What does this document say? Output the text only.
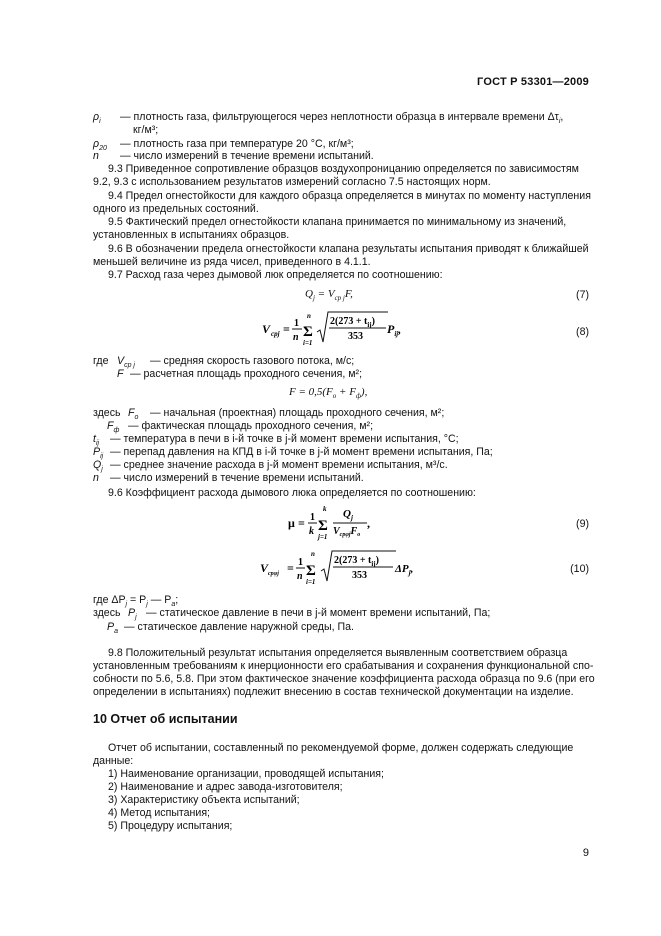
ГОСТ Р 53301—2009
$\rho_i$ — плотность газа, фильтрующегося через неплотности образца в интервале времени $\Delta\tau_i$,
кг/м³;
$\rho_{20}$ — плотность газа при температуре 20 °С, кг/м³;
n — число измерений в течение времени испытаний.
9.3 Приведенное сопротивление образцов воздухопроницанию определяется по зависимостям
9.2, 9.3 с использованием результатов измерений согласно 7.5 настоящих норм.
9.4 Предел огнестойкости для каждого образца определяется в минутах по моменту наступления
одного из предельных состояний.
9.5 Фактический предел огнестойкости клапана принимается по минимальному из значений,
установленных в испытаниях образцов.
9.6 В обозначении предела огнестойкости клапана результаты испытания приводят к ближайшей
меньшей величине из ряда чисел, приведенного в 4.1.1.
9.7 Расход газа через дымовой люк определяется по соотношению:
$Q_j = V_{ср j}F$,	(7)
V cpj = 1
n
n
Σ
i=1
$2(273 + t_{ij})$
353
$P_{ij}$,	(8)
где $V_{ср j}$ — средняя скорость газового потока, м/с;
F — расчетная площадь проходного сечения, м²;
$F = 0,5(F_о + F_ф)$,
здесь $F_о$ — начальная (проектная) площадь проходного сечения, м²;
$F_ф$ — фактическая площадь проходного сечения, м²;
$t_{ij}$ — температура в печи в i-й точке в j-й момент времени испытания, °С;
$P_{ij}$ — перепад давления на КПД в i-й точке в j-й момент времени испытания, Па;
$Q_j$ — среднее значение расхода в j-й момент времени испытания, м³/с.
n — число измерений в течение времени испытаний.
9.6 Коэффициент расхода дымового люка определяется по соотношению:
μ = 1
k
k
Σ
j=1
$Q_j$
$V_{cp\varphi j}F_o$
,	(9)
$V_{cp\varphi j} = 1$
n
n
Σ
i=1
$2(273 + t_{ij})$
353
$\Delta P_j$,	(10)
где $\Delta P_j = P_j$ — $P_a$;
здесь $P_j$ — статическое давление в печи в j-й момент времени испытаний, Па;
$P_a$ — статическое давление наружной среды, Па.
9.8 Положительный результат испытания определяется выявленным соответствием образца
установленным требованиям к инерционности его срабатывания и сохранения функциональной спо-
собности по 5.6, 5.8. При этом фактическое значение коэффициента расхода образца по 9.6 (при его
определении в испытаниях) подлежит внесению в состав технической документации на изделие.
10 Отчет об испытании
Отчет об испытании, составленный по рекомендуемой форме, должен содержать следующие
данные:
1) Наименование организации, проводящей испытания;
2) Наименование и адрес завода-изготовителя;
3) Характеристику объекта испытаний;
4) Метод испытания;
5) Процедуру испытания;
9
